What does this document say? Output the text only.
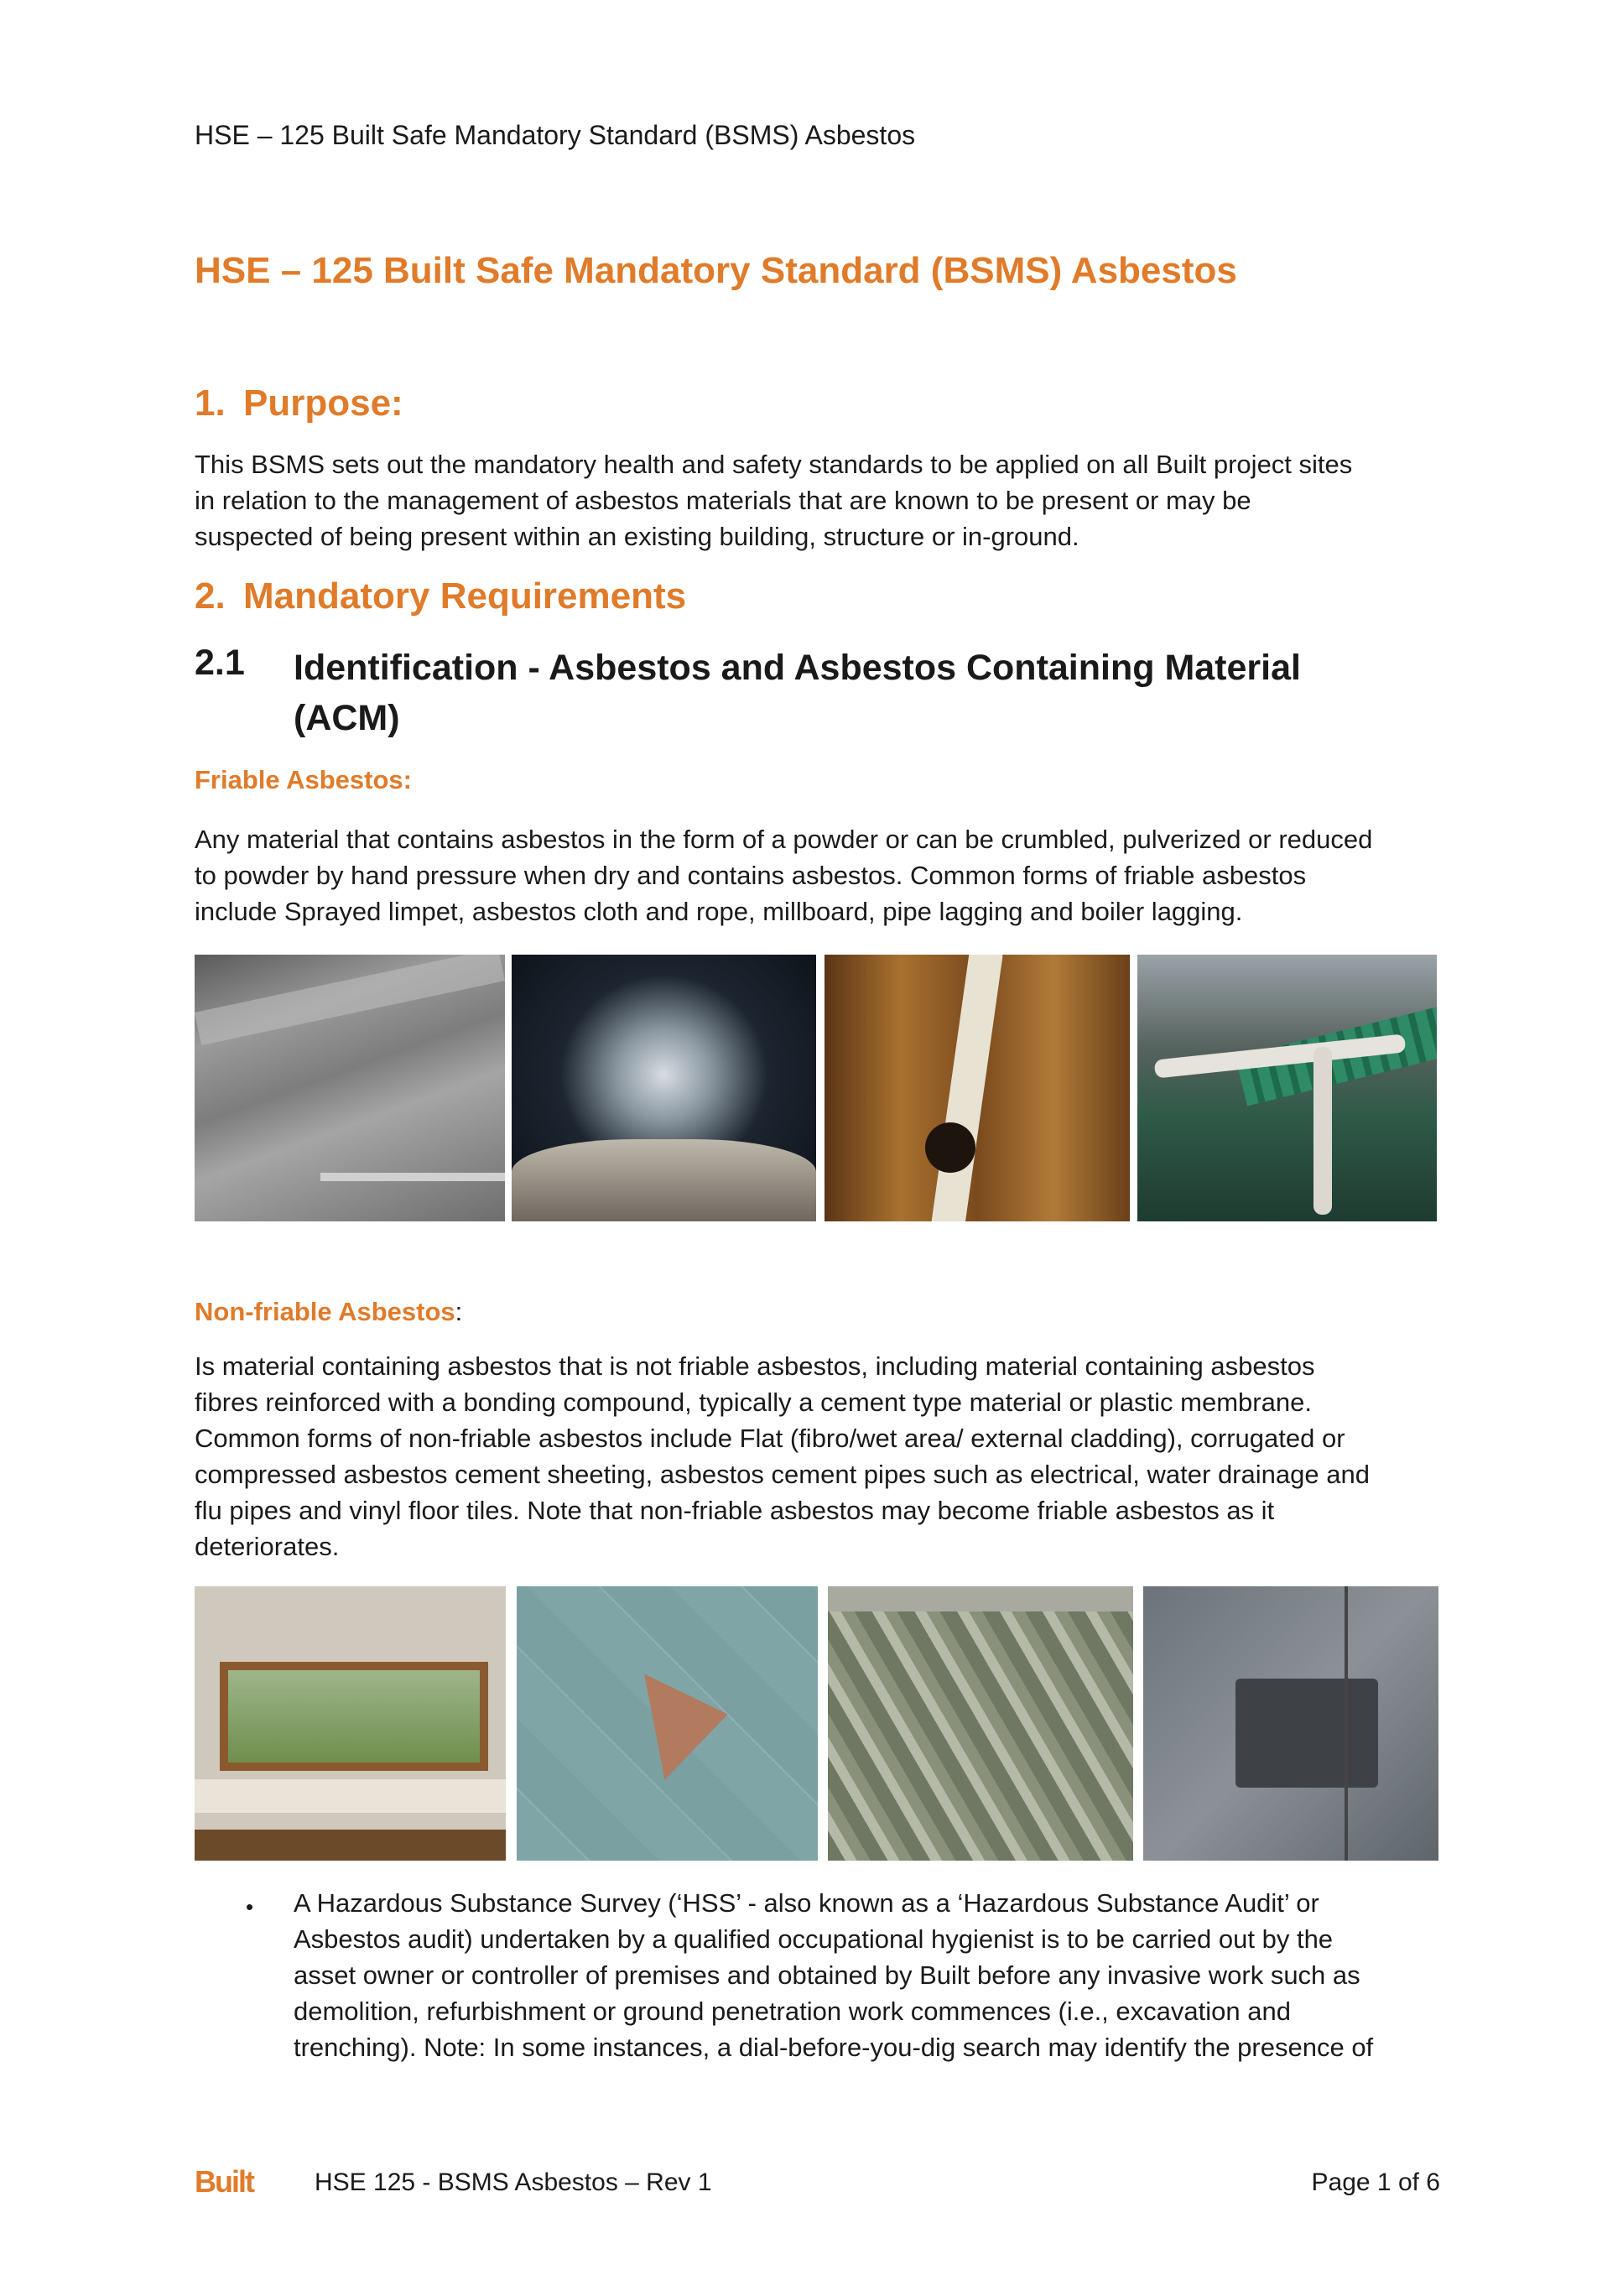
HSE – 125 Built Safe Mandatory Standard (BSMS) Asbestos
HSE – 125 Built Safe Mandatory Standard (BSMS) Asbestos
1. Purpose:
This BSMS sets out the mandatory health and safety standards to be applied on all Built project sites
in relation to the management of asbestos materials that are known to be present or may be
suspected of being present within an existing building, structure or in-ground.
2. Mandatory Requirements
2.1 Identification - Asbestos and Asbestos Containing Material
(ACM)
Friable Asbestos:
Any material that contains asbestos in the form of a powder or can be crumbled, pulverized or reduced
to powder by hand pressure when dry and contains asbestos. Common forms of friable asbestos
include Sprayed limpet, asbestos cloth and rope, millboard, pipe lagging and boiler lagging.
Non-friable Asbestos:
Is material containing asbestos that is not friable asbestos, including material containing asbestos
fibres reinforced with a bonding compound, typically a cement type material or plastic membrane.
Common forms of non-friable asbestos include Flat (fibro/wet area/ external cladding), corrugated or
compressed asbestos cement sheeting, asbestos cement pipes such as electrical, water drainage and
flu pipes and vinyl floor tiles. Note that non-friable asbestos may become friable asbestos as it
deteriorates.
• A Hazardous Substance Survey (‘HSS’ - also known as a ‘Hazardous Substance Audit’ or
Asbestos audit) undertaken by a qualified occupational hygienist is to be carried out by the
asset owner or controller of premises and obtained by Built before any invasive work such as
demolition, refurbishment or ground penetration work commences (i.e., excavation and
trenching). Note: In some instances, a dial-before-you-dig search may identify the presence of
Built HSE 125 - BSMS Asbestos – Rev 1	Page 1 of 6
